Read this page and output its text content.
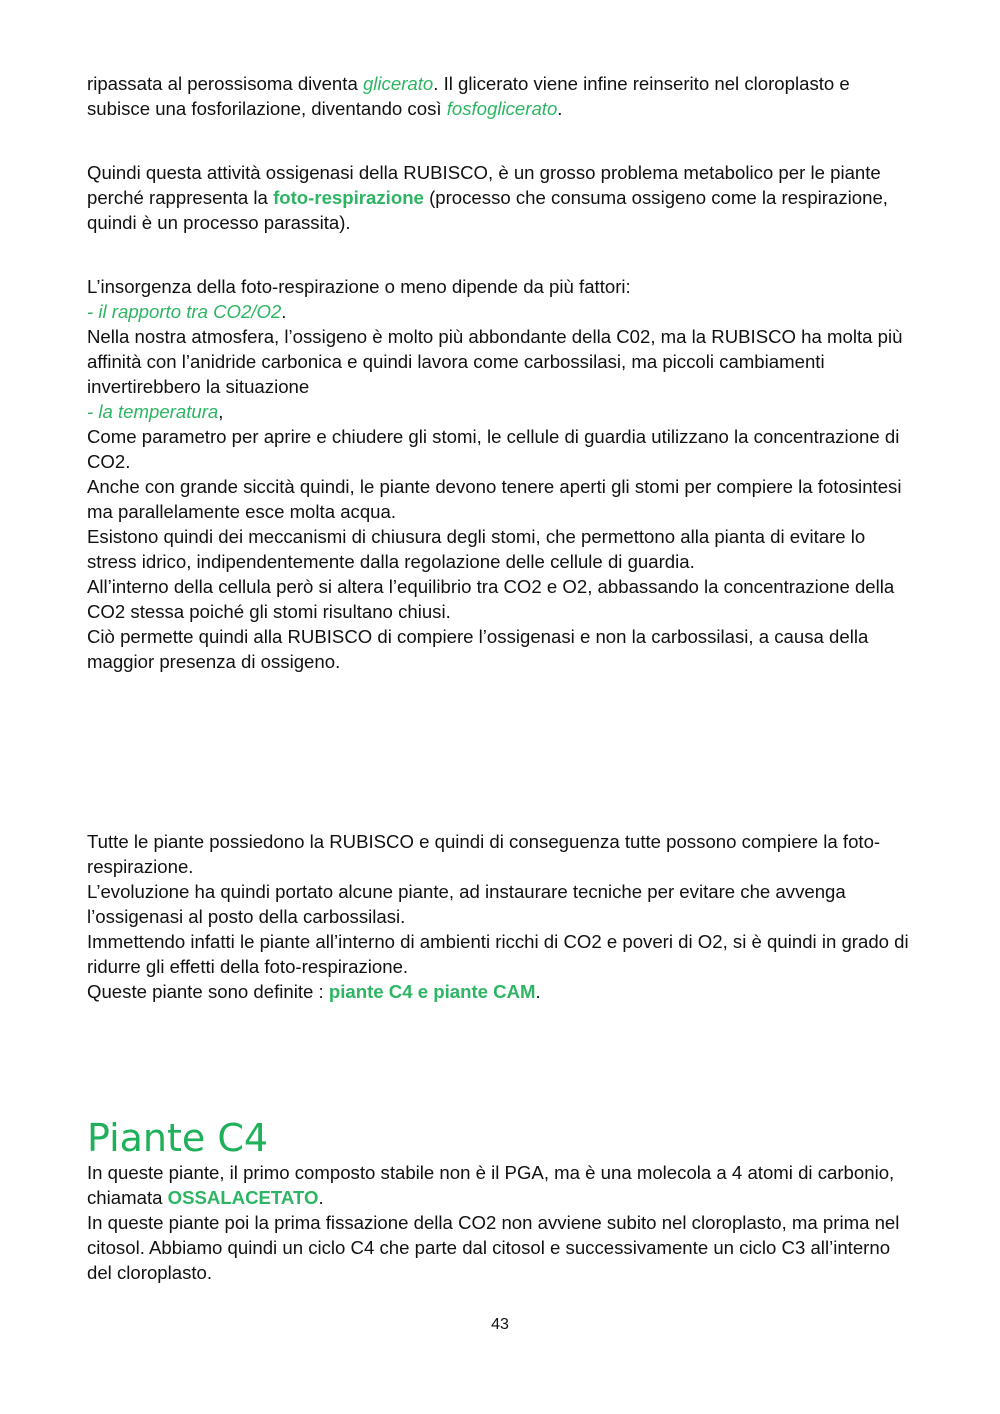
ripassata al perossisoma diventa glicerato. Il glicerato viene infine reinserito nel cloroplasto e subisce una fosforilazione, diventando così fosfoglicerato.

Quindi questa attività ossigenasi della RUBISCO, è un grosso problema metabolico per le piante perché rappresenta la foto-respirazione (processo che consuma ossigeno come la respirazione, quindi è un processo parassita).

L’insorgenza della foto-respirazione o meno dipende da più fattori:

- il rapporto tra CO2/O2.

Nella nostra atmosfera, l’ossigeno è molto più abbondante della C02, ma la RUBISCO ha molta più affinità con l’anidride carbonica e quindi lavora come carbossilasi, ma piccoli cambiamenti invertirebbero la situazione

- la temperatura,

Come parametro per aprire e chiudere gli stomi, le cellule di guardia utilizzano la concentrazione di CO2.

Anche con grande siccità quindi, le piante devono tenere aperti gli stomi per compiere la fotosintesi ma parallelamente esce molta acqua.

Esistono quindi dei meccanismi di chiusura degli stomi, che permettono alla pianta di evitare lo stress idrico, indipendentemente dalla regolazione delle cellule di guardia.

All’interno della cellula però si altera l’equilibrio tra CO2 e O2, abbassando la concentrazione della CO2 stessa poiché gli stomi risultano chiusi.

Ciò permette quindi alla RUBISCO di compiere l’ossigenasi e non la carbossilasi, a causa della maggior presenza di ossigeno.

Tutte le piante possiedono la RUBISCO e quindi di conseguenza tutte possono compiere la foto-respirazione.

L’evoluzione ha quindi portato alcune piante, ad instaurare tecniche per evitare che avvenga l’ossigenasi al posto della carbossilasi.

Immettendo infatti le piante all’interno di ambienti ricchi di CO2 e poveri di O2, si è quindi in grado di ridurre gli effetti della foto-respirazione.

Queste piante sono definite : piante C4 e piante CAM.

Piante C4

In queste piante, il primo composto stabile non è il PGA, ma è una molecola a 4 atomi di carbonio, chiamata OSSALACETATO.

In queste piante poi la prima fissazione della CO2 non avviene subito nel cloroplasto, ma prima nel citosol. Abbiamo quindi un ciclo C4 che parte dal citosol e successivamente un ciclo C3 all’interno del cloroplasto.

43
